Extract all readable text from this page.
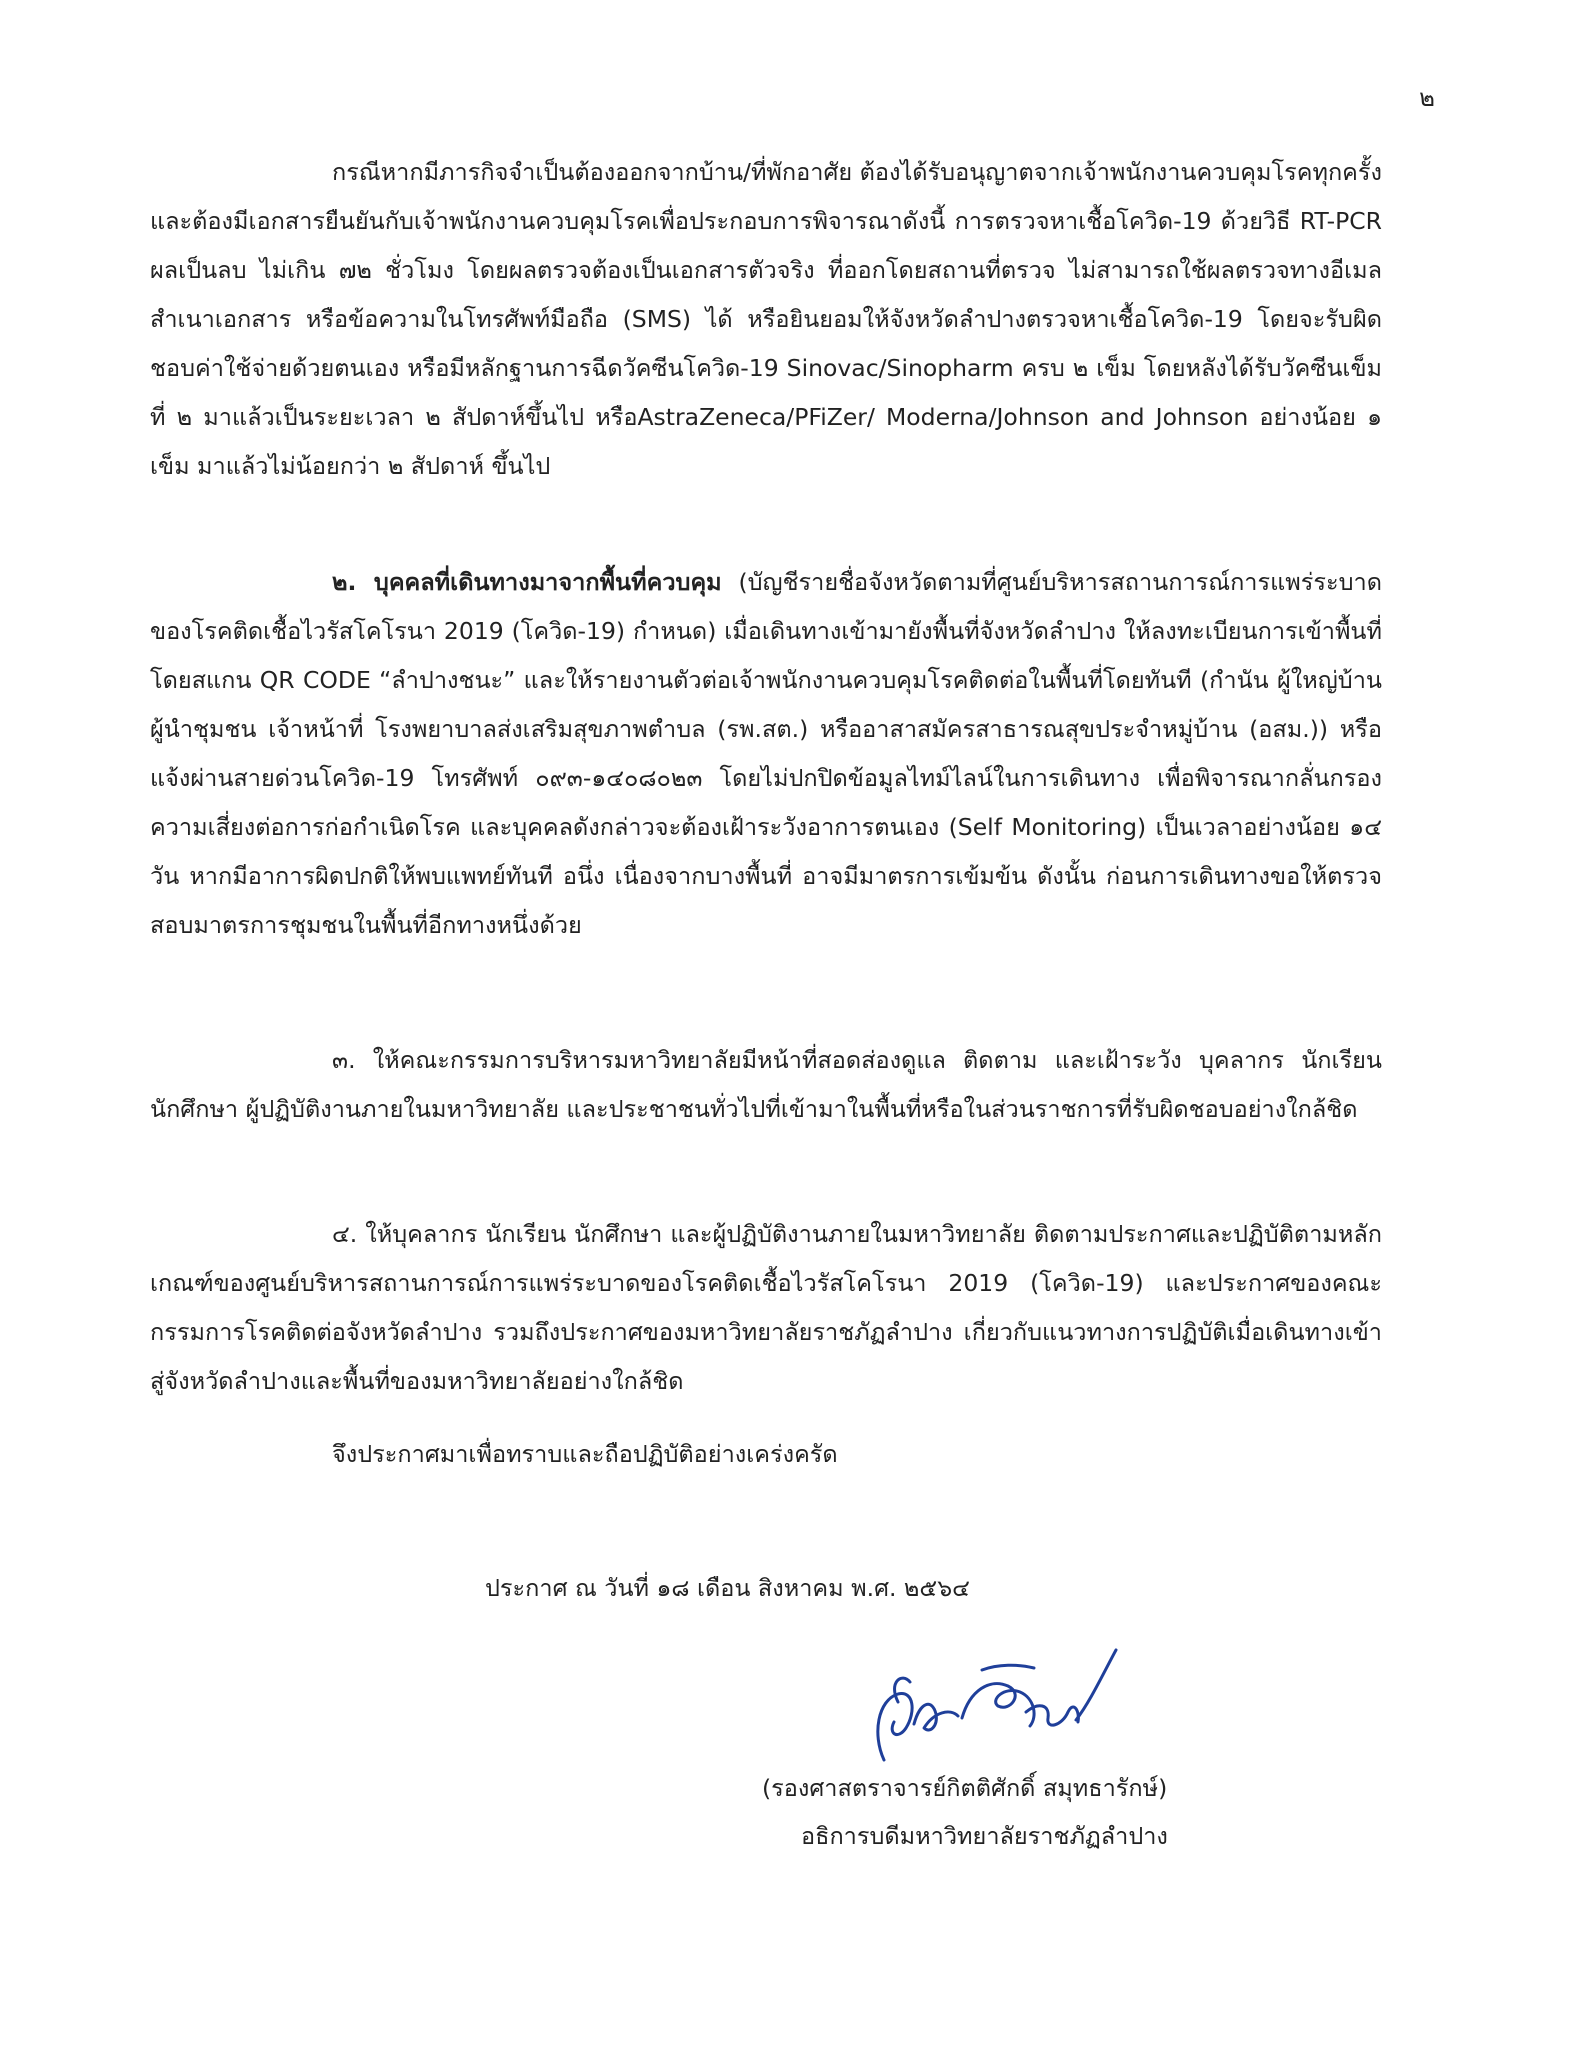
๒

กรณีหากมีภารกิจจำเป็นต้องออกจากบ้าน/ที่พักอาศัย ต้องได้รับอนุญาตจากเจ้าพนักงานควบคุมโรคทุกครั้ง และต้องมีเอกสารยืนยันกับเจ้าพนักงานควบคุมโรคเพื่อประกอบการพิจารณาดังนี้ การตรวจหาเชื้อโควิด-19 ด้วยวิธี RT-PCR ผลเป็นลบ ไม่เกิน ๗๒ ชั่วโมง โดยผลตรวจต้องเป็นเอกสารตัวจริง ที่ออกโดยสถานที่ตรวจ ไม่สามารถใช้ผลตรวจทางอีเมล สำเนาเอกสาร หรือข้อความในโทรศัพท์มือถือ (SMS) ได้ หรือยินยอมให้จังหวัดลำปางตรวจหาเชื้อโควิด-19 โดยจะรับผิดชอบค่าใช้จ่ายด้วยตนเอง หรือมีหลักฐานการฉีดวัคซีนโควิด-19 Sinovac/Sinopharm ครบ ๒ เข็ม โดยหลังได้รับวัคซีนเข็มที่ ๒ มาแล้วเป็นระยะเวลา ๒ สัปดาห์ขึ้นไป หรือAstraZeneca/PFiZer/ Moderna/Johnson and Johnson อย่างน้อย ๑ เข็ม มาแล้วไม่น้อยกว่า ๒ สัปดาห์ ขึ้นไป

๒. บุคคลที่เดินทางมาจากพื้นที่ควบคุม (บัญชีรายชื่อจังหวัดตามที่ศูนย์บริหารสถานการณ์การแพร่ระบาดของโรคติดเชื้อไวรัสโคโรนา 2019 (โควิด-19) กำหนด) เมื่อเดินทางเข้ามายังพื้นที่จังหวัดลำปาง ให้ลงทะเบียนการเข้าพื้นที่ โดยสแกน QR CODE “ลำปางชนะ” และให้รายงานตัวต่อเจ้าพนักงานควบคุมโรคติดต่อในพื้นที่โดยทันที (กำนัน ผู้ใหญ่บ้าน ผู้นำชุมชน เจ้าหน้าที่ โรงพยาบาลส่งเสริมสุขภาพตำบล (รพ.สต.) หรืออาสาสมัครสาธารณสุขประจำหมู่บ้าน (อสม.)) หรือแจ้งผ่านสายด่วนโควิด-19 โทรศัพท์ ๐๙๓-๑๔๐๘๐๒๓ โดยไม่ปกปิดข้อมูลไทม์ไลน์ในการเดินทาง เพื่อพิจารณากลั่นกรองความเสี่ยงต่อการก่อกำเนิดโรค และบุคคลดังกล่าวจะต้องเฝ้าระวังอาการตนเอง (Self Monitoring) เป็นเวลาอย่างน้อย ๑๔ วัน หากมีอาการผิดปกติให้พบแพทย์ทันที อนึ่ง เนื่องจากบางพื้นที่ อาจมีมาตรการเข้มข้น ดังนั้น ก่อนการเดินทางขอให้ตรวจสอบมาตรการชุมชนในพื้นที่อีกทางหนึ่งด้วย

๓. ให้คณะกรรมการบริหารมหาวิทยาลัยมีหน้าที่สอดส่องดูแล ติดตาม และเฝ้าระวัง บุคลากร นักเรียน นักศึกษา ผู้ปฏิบัติงานภายในมหาวิทยาลัย และประชาชนทั่วไปที่เข้ามาในพื้นที่หรือในส่วนราชการที่รับผิดชอบอย่างใกล้ชิด

๔. ให้บุคลากร นักเรียน นักศึกษา และผู้ปฏิบัติงานภายในมหาวิทยาลัย ติดตามประกาศและปฏิบัติตามหลักเกณฑ์ของศูนย์บริหารสถานการณ์การแพร่ระบาดของโรคติดเชื้อไวรัสโคโรนา 2019 (โควิด-19) และประกาศของคณะกรรมการโรคติดต่อจังหวัดลำปาง รวมถึงประกาศของมหาวิทยาลัยราชภัฏลำปาง เกี่ยวกับแนวทางการปฏิบัติเมื่อเดินทางเข้าสู่จังหวัดลำปางและพื้นที่ของมหาวิทยาลัยอย่างใกล้ชิด

จึงประกาศมาเพื่อทราบและถือปฏิบัติอย่างเคร่งครัด
ประกาศ ณ วันที่ ๑๘ เดือน สิงหาคม พ.ศ. ๒๕๖๔
(รองศาสตราจารย์กิตติศักดิ์ สมุทธารักษ์)
อธิการบดีมหาวิทยาลัยราชภัฏลำปาง
